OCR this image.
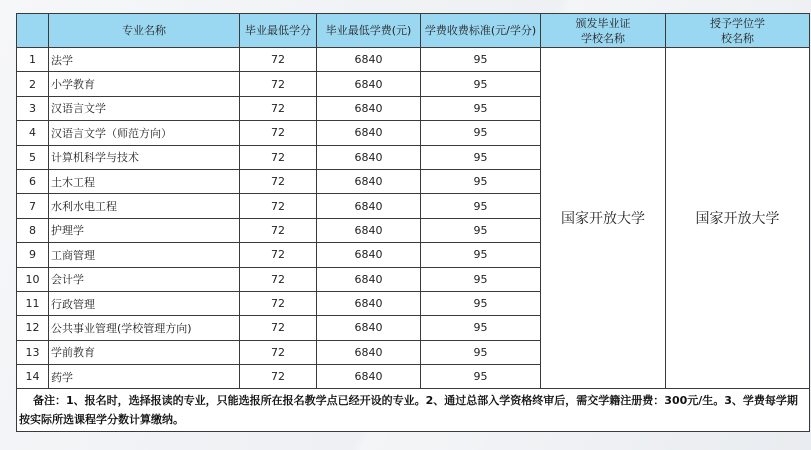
	专业名称	毕业最低学分	毕业最低学费(元)	学费收费标准(元/学分)	颁发毕业证学校名称	授予学位学校名称
1	法学	72	6840	95	国家开放大学	国家开放大学
2	小学教育	72	6840	95		
3	汉语言文学	72	6840	95		
4	汉语言文学（师范方向）	72	6840	95		
5	计算机科学与技术	72	6840	95		
6	土木工程	72	6840	95		
7	水利水电工程	72	6840	95		
8	护理学	72	6840	95		
9	工商管理	72	6840	95		
10	会计学	72	6840	95		
11	行政管理	72	6840	95		
12	公共事业管理(学校管理方向)	72	6840	95		
13	学前教育	72	6840	95		
14	药学	72	6840	95		

备注：1、报名时，选择报读的专业，只能选报所在报名教学点已经开设的专业。2、通过总部入学资格终审后，需交学籍注册费：300元/生。3、学费每学期按实际所选课程学分数计算缴纳。						
